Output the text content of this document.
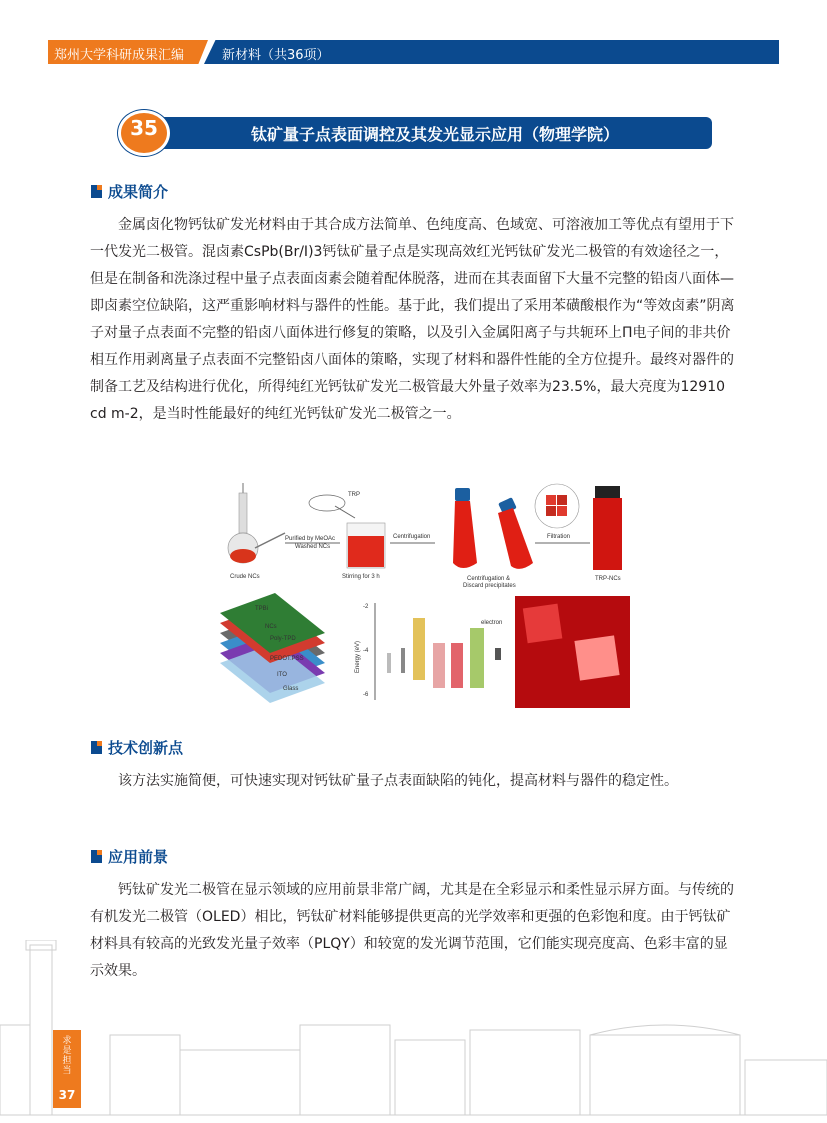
郑州大学科研成果汇编	新材料（共36项）
35	钛矿量子点表面调控及其发光显示应用（物理学院）
成果简介

金属卤化物钙钛矿发光材料由于其合成方法简单、色纯度高、色域宽、可溶液加工等优点有望用于下一代发光二极管。混卤素CsPb(Br/I)3钙钛矿量子点是实现高效红光钙钛矿发光二极管的有效途径之一，但是在制备和洗涤过程中量子点表面卤素会随着配体脱落，进而在其表面留下大量不完整的铅卤八面体—即卤素空位缺陷，这严重影响材料与器件的性能。基于此，我们提出了采用苯磺酸根作为“等效卤素”阴离子对量子点表面不完整的铅卤八面体进行修复的策略，以及引入金属阳离子与共轭环上Π电子间的非共价相互作用剥离量子点表面不完整铅卤八面体的策略，实现了材料和器件性能的全方位提升。最终对器件的制备工艺及结构进行优化，所得纯红光钙钛矿发光二极管最大外量子效率为23.5%，最大亮度为12910 cd m-2，是当时性能最好的纯红光钙钛矿发光二极管之一。

Crude NCs
Purified by MeOAc
Washed NCs
TRP
Stirring for 3 h
Centrifugation
Centrifugation &
Discard precipitates
Filtration
TRP-NCs
TPBi
NCs
Poly-TPD
PEDOT:PSS
ITO
Glass
-2
-4
-6
Energy (eV)
electron
技术创新点

该方法实施简便，可快速实现对钙钛矿量子点表面缺陷的钝化，提高材料与器件的稳定性。

应用前景

钙钛矿发光二极管在显示领域的应用前景非常广阔，尤其是在全彩显示和柔性显示屏方面。与传统的有机发光二极管（OLED）相比，钙钛矿材料能够提供更高的光学效率和更强的色彩饱和度。由于钙钛矿材料具有较高的光致发光量子效率（PLQY）和较宽的发光调节范围，它们能实现亮度高、色彩丰富的显示效果。

求是担当
37
